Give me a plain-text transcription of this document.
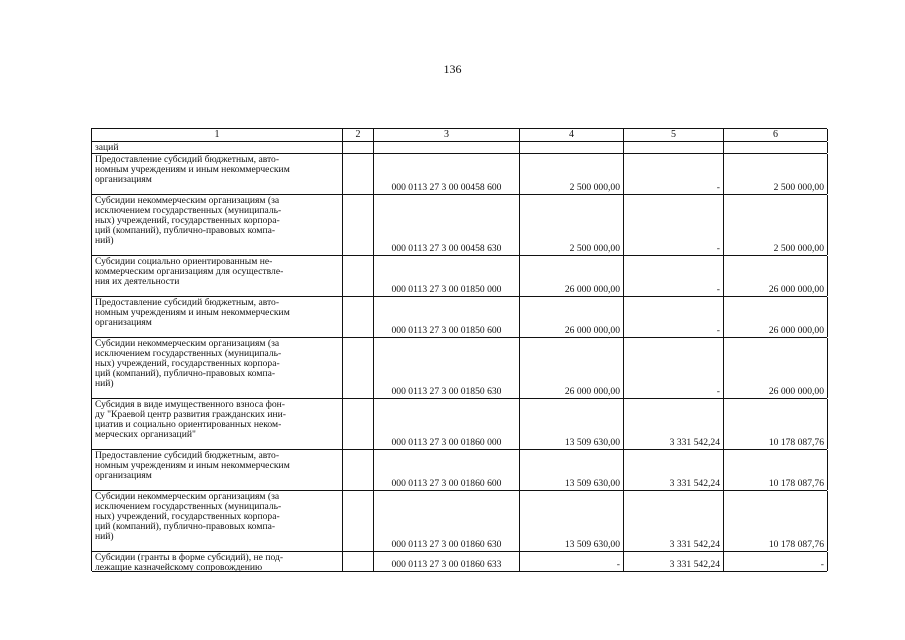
136
1	2	3	4	5	6
заций
Предоставление субсидий бюджетным, авто-
номным учреждениям и иным некоммерческим
организациям
000 0113 27 3 00 00458 600	2 500 000,00	-	2 500 000,00
Субсидии некоммерческим организациям (за
исключением государственных (муниципаль-
ных) учреждений, государственных корпора-
ций (компаний), публично-правовых компа-
ний)
000 0113 27 3 00 00458 630	2 500 000,00	-	2 500 000,00
Субсидии социально ориентированным не-
коммерческим организациям для осуществле-
ния их деятельности
000 0113 27 3 00 01850 000	26 000 000,00	-	26 000 000,00
Предоставление субсидий бюджетным, авто-
номным учреждениям и иным некоммерческим
организациям
000 0113 27 3 00 01850 600	26 000 000,00	-	26 000 000,00
Субсидии некоммерческим организациям (за
исключением государственных (муниципаль-
ных) учреждений, государственных корпора-
ций (компаний), публично-правовых компа-
ний)
000 0113 27 3 00 01850 630	26 000 000,00	-	26 000 000,00
Субсидия в виде имущественного взноса фон-
ду "Краевой центр развития гражданских ини-
циатив и социально ориентированных неком-
мерческих организаций"
000 0113 27 3 00 01860 000	13 509 630,00	3 331 542,24	10 178 087,76
Предоставление субсидий бюджетным, авто-
номным учреждениям и иным некоммерческим
организациям
000 0113 27 3 00 01860 600	13 509 630,00	3 331 542,24	10 178 087,76
Субсидии некоммерческим организациям (за
исключением государственных (муниципаль-
ных) учреждений, государственных корпора-
ций (компаний), публично-правовых компа-
ний)
000 0113 27 3 00 01860 630	13 509 630,00	3 331 542,24	10 178 087,76
Субсидии (гранты в форме субсидий), не под-
лежащие казначейскому сопровождению	000 0113 27 3 00 01860 633	-	3 331 542,24	-
